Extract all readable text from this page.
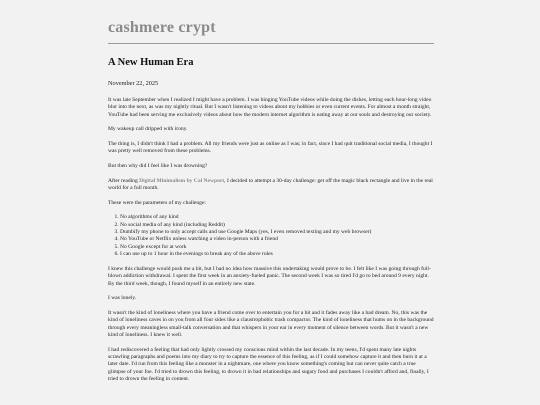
cashmere crypt
A New Human Era
November 22, 2025

It was late September when I realized I might have a problem. I was binging YouTube videos while doing the dishes, letting each hour-long video blur into the next, as was my nightly ritual. But I wasn't listening to videos about my hobbies or even current events. For almost a month straight, YouTube had been serving me exclusively videos about how the modern internet algorithm is eating away at our souls and destroying our society.

My wakeup call dripped with irony.

The thing is, I didn't think I had a problem. All my friends were just as online as I was; in fact, since I had quit traditional social media, I thought I was pretty well removed from these problems.

But then why did I feel like I was drowning?

After reading Digital Minimalism by Cal Newport, I decided to attempt a 30-day challenge: get off the magic black rectangle and live in the real world for a full month.

These were the parameters of my challenge:

1. No algorithms of any kind
2. No social media of any kind (including Reddit)
3. Dumbify my phone to only accept calls and use Google Maps (yes, I even removed texting and my web browser)
4. No YouTube or Netflix unless watching a video in-person with a friend
5. No Google except for at work
6. I can use up to 1 hour in the evenings to break any of the above rules

I knew this challenge would push me a bit, but I had no idea how massive this undertaking would prove to be. I felt like I was going through full-blown addiction withdrawal. I spent the first week in an anxiety-fueled panic. The second week I was so tired I'd go to bed around 9 every night. By the third week, though, I found myself in an entirely new state.

I was lonely.

It wasn't the kind of loneliness where you have a friend come over to entertain you for a bit and it fades away like a bad dream. No, this was the kind of loneliness caves in on you from all four sides like a claustrophobic trash compactor. The kind of loneliness that hums on in the background through every meaningless small-talk conversation and that whispers in your ear in every moment of silence between words. But it wasn't a new kind of loneliness. I knew it well.

I had rediscovered a feeling that had only lightly crossed my conscious mind within the last decade. In my teens, I'd spent many late nights scrawling paragraphs and poems into my diary to try to capture the essence of this feeling, as if I could somehow capture it and then burn it at a later date. I'd run from this feeling like a monster in a nightmare, one where you know something's coming but can never quite catch a true glimpse of your foe. I'd tried to drown this feeling, to drown it in bad relationships and sugary food and purchases I couldn't afford and, finally, I tried to drown the feeling in content.
